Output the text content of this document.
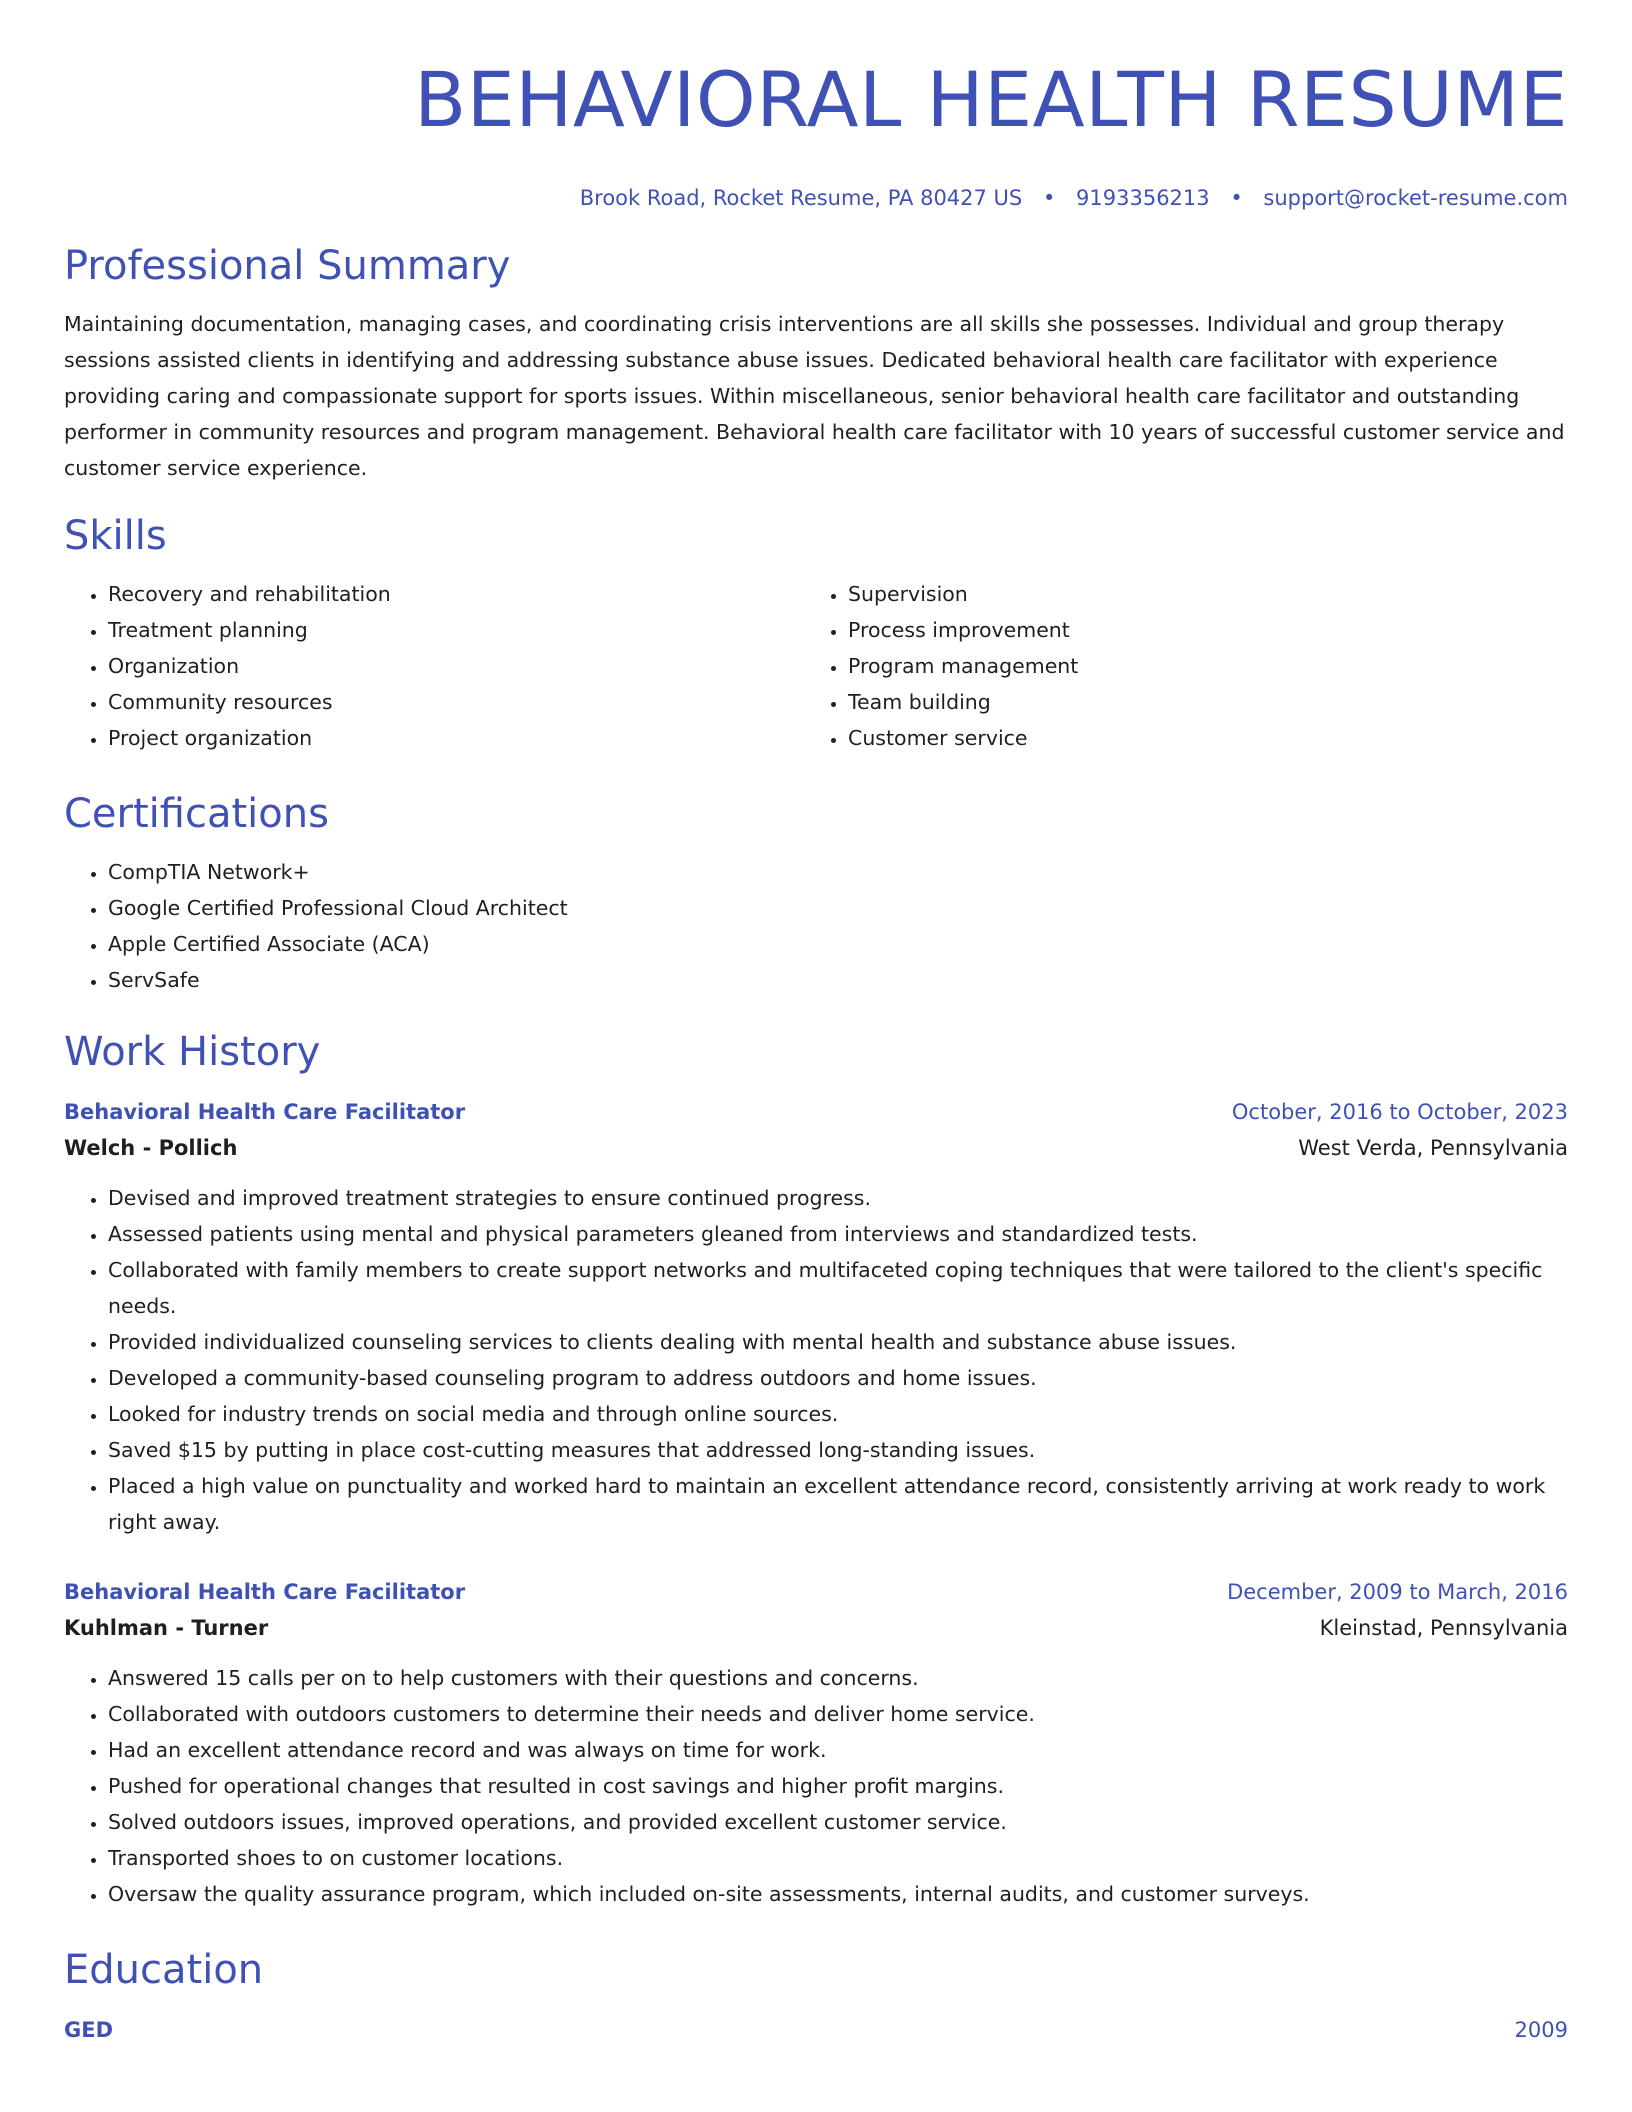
BEHAVIORAL HEALTH RESUME
Brook Road, Rocket Resume, PA 80427 US • 9193356213 • support@rocket-resume.com
Professional Summary

Maintaining documentation, managing cases, and coordinating crisis interventions are all skills she possesses. Individual and group therapy sessions assisted clients in identifying and addressing substance abuse issues. Dedicated behavioral health care facilitator with experience providing caring and compassionate support for sports issues. Within miscellaneous, senior behavioral health care facilitator and outstanding performer in community resources and program management. Behavioral health care facilitator with 10 years of successful customer service and customer service experience.

Skills
• Recovery and rehabilitation
• Treatment planning
• Organization
• Community resources
• Project organization
• Supervision
• Process improvement
• Program management
• Team building
• Customer service
Certifications
• CompTIA Network+
• Google Certified Professional Cloud Architect
• Apple Certified Associate (ACA)
• ServSafe
Work History
Behavioral Health Care Facilitator	October, 2016 to October, 2023
Welch - Pollich	West Verda, Pennsylvania
• Devised and improved treatment strategies to ensure continued progress.
• Assessed patients using mental and physical parameters gleaned from interviews and standardized tests.
• Collaborated with family members to create support networks and multifaceted coping techniques that were tailored to the client's specific needs.
• Provided individualized counseling services to clients dealing with mental health and substance abuse issues.
• Developed a community-based counseling program to address outdoors and home issues.
• Looked for industry trends on social media and through online sources.
• Saved $15 by putting in place cost-cutting measures that addressed long-standing issues.
• Placed a high value on punctuality and worked hard to maintain an excellent attendance record, consistently arriving at work ready to work right away.
Behavioral Health Care Facilitator	December, 2009 to March, 2016
Kuhlman - Turner	Kleinstad, Pennsylvania
• Answered 15 calls per on to help customers with their questions and concerns.
• Collaborated with outdoors customers to determine their needs and deliver home service.
• Had an excellent attendance record and was always on time for work.
• Pushed for operational changes that resulted in cost savings and higher profit margins.
• Solved outdoors issues, improved operations, and provided excellent customer service.
• Transported shoes to on customer locations.
• Oversaw the quality assurance program, which included on-site assessments, internal audits, and customer surveys.
Education
GED	2009
